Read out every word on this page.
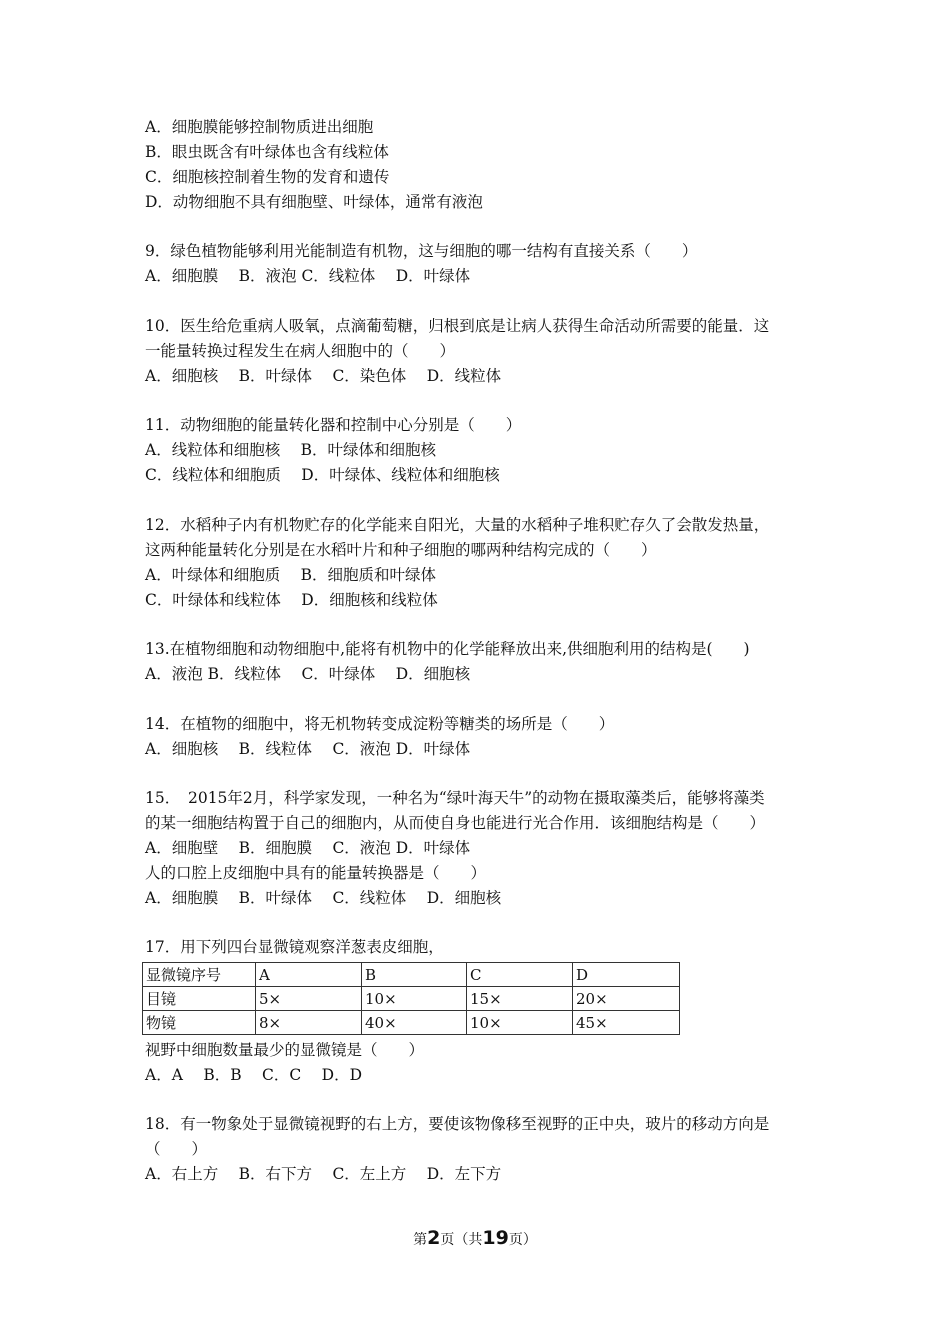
A．细胞膜能够控制物质进出细胞

B．眼虫既含有叶绿体也含有线粒体

C．细胞核控制着生物的发育和遗传

D．动物细胞不具有细胞壁、叶绿体，通常有液泡

9．绿色植物能够利用光能制造有机物，这与细胞的哪一结构有直接关系（　　）

A．细胞膜　 B．液泡 C．线粒体　 D．叶绿体

10．医生给危重病人吸氧，点滴葡萄糖，归根到底是让病人获得生命活动所需要的能量．这

一能量转换过程发生在病人细胞中的（　　）

A．细胞核　 B．叶绿体　 C．染色体　 D．线粒体

11．动物细胞的能量转化器和控制中心分别是（　　）

A．线粒体和细胞核　 B．叶绿体和细胞核

C．线粒体和细胞质　 D．叶绿体、线粒体和细胞核

12．水稻种子内有机物贮存的化学能来自阳光，大量的水稻种子堆积贮存久了会散发热量，

这两种能量转化分别是在水稻叶片和种子细胞的哪两种结构完成的（　　）

A．叶绿体和细胞质　 B．细胞质和叶绿体

C．叶绿体和线粒体　 D．细胞核和线粒体

13.在植物细胞和动物细胞中,能将有机物中的化学能释放出来,供细胞利用的结构是(　　)

A．液泡 B．线粒体　 C．叶绿体　 D．细胞核

14．在植物的细胞中，将无机物转变成淀粉等糖类的场所是（　　）

A．细胞核　 B．线粒体　 C．液泡 D．叶绿体

15．　2015年2月，科学家发现，一种名为“绿叶海天牛”的动物在摄取藻类后，能够将藻类

的某一细胞结构置于自己的细胞内，从而使自身也能进行光合作用．该细胞结构是（　　）

A．细胞壁　 B．细胞膜　 C．液泡 D．叶绿体

人的口腔上皮细胞中具有的能量转换器是（　　）

A．细胞膜　 B．叶绿体　 C．线粒体　 D．细胞核

17．用下列四台显微镜观察洋葱表皮细胞，

显微镜序号	A	B	C	D
目镜	5×	10×	15×	20×
物镜	8×	40×	10×	45×

视野中细胞数量最少的显微镜是（　　）

A．A　 B．B　 C．C　 D．D

18．有一物象处于显微镜视野的右上方，要使该物像移至视野的正中央，玻片的移动方向是

（　　）

A．右上方　 B．右下方　 C．左上方　 D．左下方

第2页（共19页）
